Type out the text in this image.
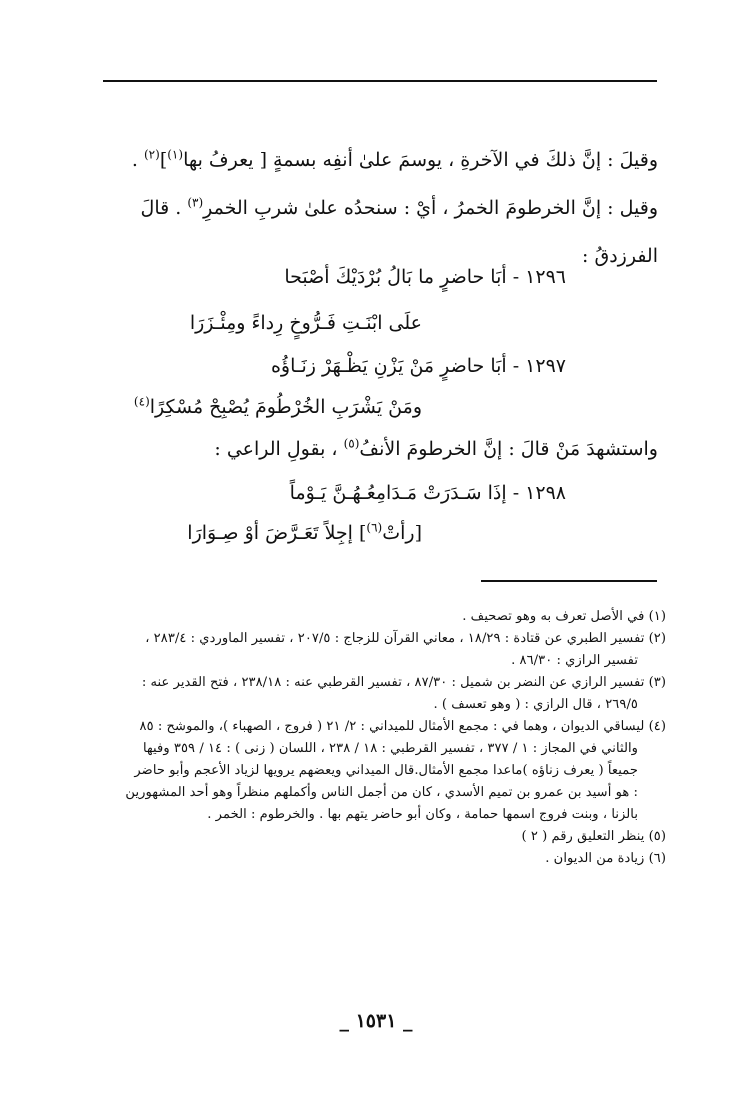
وقيلَ : إنَّ ذلكَ في الآخرةِ ، يوسمَ علىٰ أنفِه بسمةٍ [ يعرفُ بها$^{(١)}$]$^{(٢)}$ .
وقيل : إنَّ الخرطومَ الخمرُ ، أيْ : سنحدُه علىٰ شربِ الخمرِ$^{(٣)}$ . قالَ
الفرزدقُ :
١٢٩٦ - أبَا حاضرٍ ما بَالُ بُرْدَيْكَ أصْبَحا
علَى ابْنَـتِ فَـرُّوخٍ رِداءً ومِئْـزَرَا
١٢٩٧ - أبَا حاضرٍ مَنْ يَزْنِ يَظْـهَرْ زنَـاؤُه
ومَنْ يَشْرَبِ الخُرْطُومَ يُصْبِحْ مُسْكِرًا$^{(٤)}$
واستشهدَ مَنْ قالَ : إنَّ الخرطومَ الأنفُ$^{(٥)}$ ، بقولِ الراعي :
١٢٩٨ - إذَا سَـدَرَتْ مَـدَامِعُـهُـنَّ يَـوْماً
[رأتْ$^{(٦)}$] إجِلاً تَعَـرَّضَ أوْ صِـوَارَا

(١) في الأصل تعرف به وهو تصحيف .

(٢) تفسير الطبري عن قتادة : ١٨/٢٩ ، معاني القرآن للزجاج : ٢٠٧/٥ ، تفسير الماوردي : ٢٨٣/٤ ،
تفسير الرازي : ٨٦/٣٠ .

(٣) تفسير الرازي عن النضر بن شميل : ٨٧/٣٠ ، تفسير القرطبي عنه : ٢٣٨/١٨ ، فتح القدير عنه :
٢٦٩/٥ ، قال الرازي : ( وهو تعسف ) .

(٤) ليساقي الديوان ، وهما في : مجمع الأمثال للميداني : ٢/ ٢١ ( فروج ، الصهباء )، والموشح : ٨٥
والثاني في المجاز : ١ / ٣٧٧ ، تفسير القرطبي : ١٨ / ٢٣٨ ، اللسان ( زنى ) : ١٤ / ٣٥٩ وفيها
جميعاً ( يعرف زناؤه )ماعدا مجمع الأمثال.قال الميداني ويعضهم يرويها لزياد الأعجم وأبو حاضر
: هو أسيد بن عمرو بن تميم الأسدي ، كان من أجمل الناس وأكملهم منظراً وهو أحد المشهورين
بالزنا ، وبنت فروج اسمها حمامة ، وكان أبو حاضر يتهم بها . والخرطوم : الخمر .

(٥) ينظر التعليق رقم ( ٢ )

(٦) زيادة من الديوان .

_ ١٥٣١ _
